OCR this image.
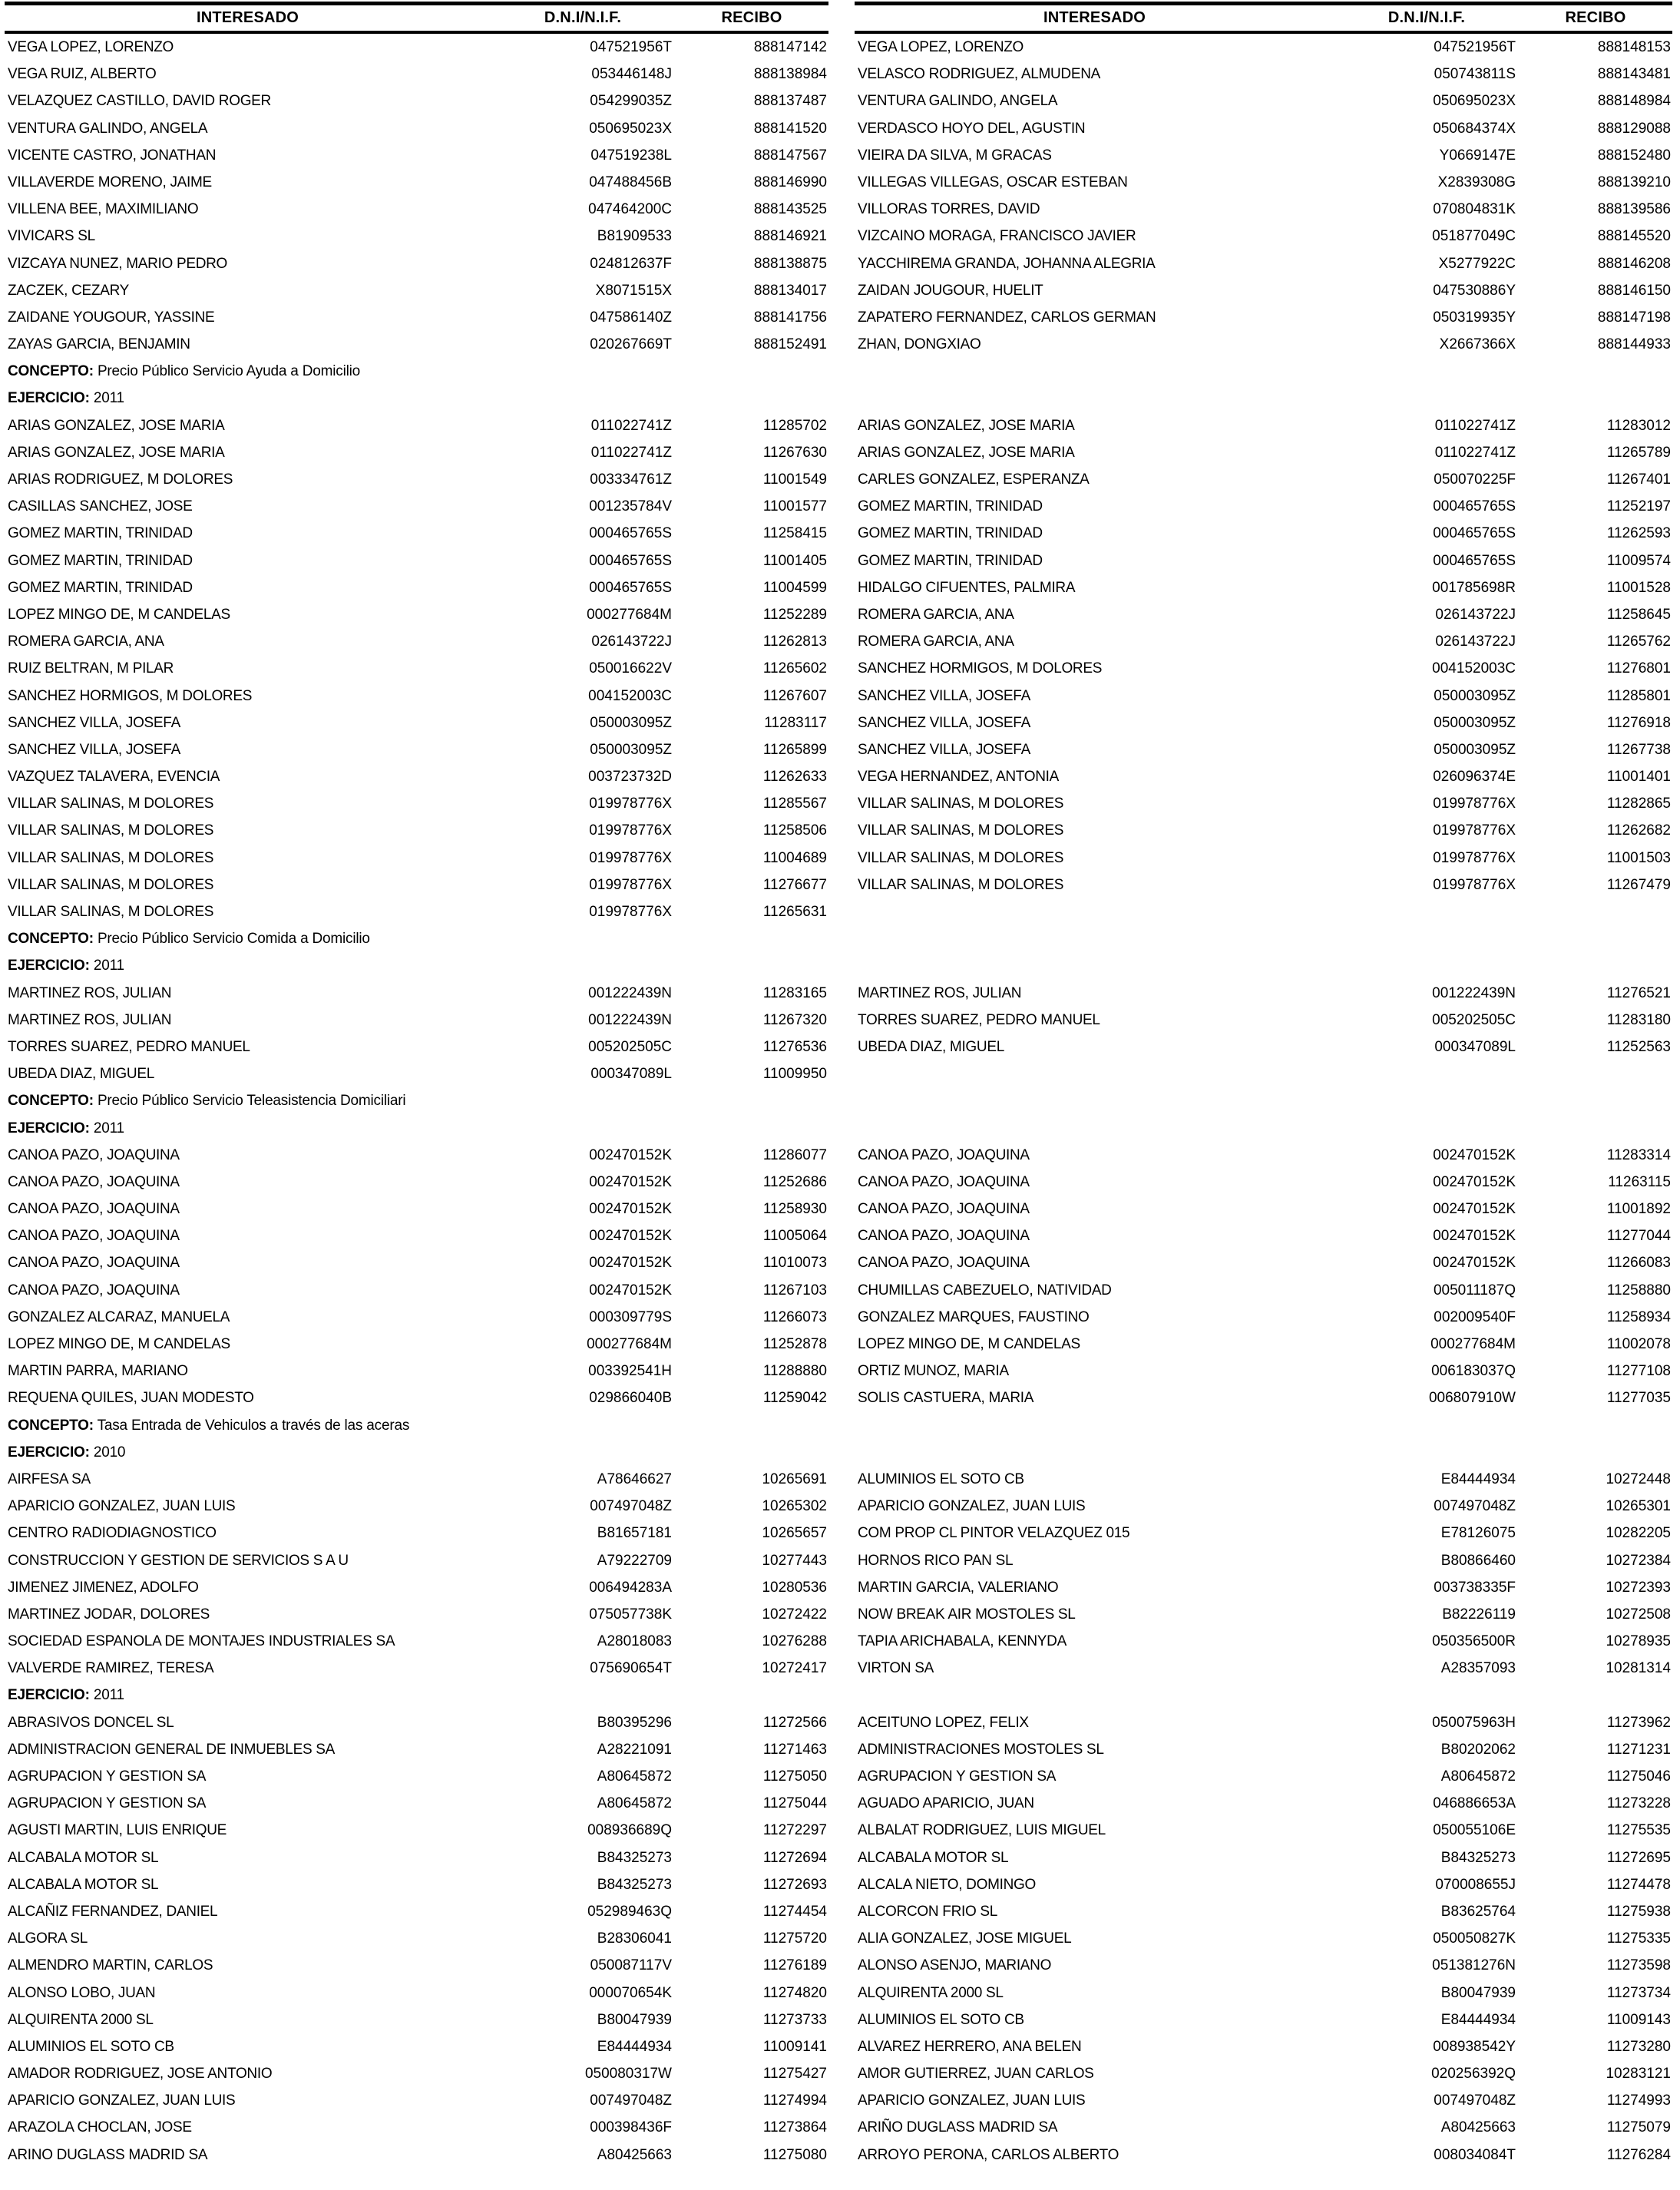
INTERESADO	D.N.I/N.I.F.	RECIBO
VEGA LOPEZ, LORENZO	047521956T	888147142
VEGA RUIZ, ALBERTO	053446148J	888138984
VELAZQUEZ CASTILLO, DAVID ROGER	054299035Z	888137487
VENTURA GALINDO, ANGELA	050695023X	888141520
VICENTE CASTRO, JONATHAN	047519238L	888147567
VILLAVERDE MORENO, JAIME	047488456B	888146990
VILLENA BEE, MAXIMILIANO	047464200C	888143525
VIVICARS SL	B81909533	888146921
VIZCAYA NUNEZ, MARIO PEDRO	024812637F	888138875
ZACZEK, CEZARY	X8071515X	888134017
ZAIDANE YOUGOUR, YASSINE	047586140Z	888141756
ZAYAS GARCIA, BENJAMIN	020267669T	888152491
CONCEPTO: Precio Público Servicio Ayuda a Domicilio
EJERCICIO: 2011
ARIAS GONZALEZ, JOSE MARIA	011022741Z	11285702
ARIAS GONZALEZ, JOSE MARIA	011022741Z	11267630
ARIAS RODRIGUEZ, M DOLORES	003334761Z	11001549
CASILLAS SANCHEZ, JOSE	001235784V	11001577
GOMEZ MARTIN, TRINIDAD	000465765S	11258415
GOMEZ MARTIN, TRINIDAD	000465765S	11001405
GOMEZ MARTIN, TRINIDAD	000465765S	11004599
LOPEZ MINGO DE, M CANDELAS	000277684M	11252289
ROMERA GARCIA, ANA	026143722J	11262813
RUIZ BELTRAN, M PILAR	050016622V	11265602
SANCHEZ HORMIGOS, M DOLORES	004152003C	11267607
SANCHEZ VILLA, JOSEFA	050003095Z	11283117
SANCHEZ VILLA, JOSEFA	050003095Z	11265899
VAZQUEZ TALAVERA, EVENCIA	003723732D	11262633
VILLAR SALINAS, M DOLORES	019978776X	11285567
VILLAR SALINAS, M DOLORES	019978776X	11258506
VILLAR SALINAS, M DOLORES	019978776X	11004689
VILLAR SALINAS, M DOLORES	019978776X	11276677
VILLAR SALINAS, M DOLORES	019978776X	11265631
CONCEPTO: Precio Público Servicio Comida a Domicilio
EJERCICIO: 2011
MARTINEZ ROS, JULIAN	001222439N	11283165
MARTINEZ ROS, JULIAN	001222439N	11267320
TORRES SUAREZ, PEDRO MANUEL	005202505C	11276536
UBEDA DIAZ, MIGUEL	000347089L	11009950
CONCEPTO: Precio Público Servicio Teleasistencia Domiciliari
EJERCICIO: 2011
CANOA PAZO, JOAQUINA	002470152K	11286077
CANOA PAZO, JOAQUINA	002470152K	11252686
CANOA PAZO, JOAQUINA	002470152K	11258930
CANOA PAZO, JOAQUINA	002470152K	11005064
CANOA PAZO, JOAQUINA	002470152K	11010073
CANOA PAZO, JOAQUINA	002470152K	11267103
GONZALEZ ALCARAZ, MANUELA	000309779S	11266073
LOPEZ MINGO DE, M CANDELAS	000277684M	11252878
MARTIN PARRA, MARIANO	003392541H	11288880
REQUENA QUILES, JUAN MODESTO	029866040B	11259042
CONCEPTO: Tasa Entrada de Vehiculos a través de las aceras
EJERCICIO: 2010
AIRFESA SA	A78646627	10265691
APARICIO GONZALEZ, JUAN LUIS	007497048Z	10265302
CENTRO RADIODIAGNOSTICO	B81657181	10265657
CONSTRUCCION Y GESTION DE SERVICIOS S A U	A79222709	10277443
JIMENEZ JIMENEZ, ADOLFO	006494283A	10280536
MARTINEZ JODAR, DOLORES	075057738K	10272422
SOCIEDAD ESPANOLA DE MONTAJES INDUSTRIALES SA	A28018083	10276288
VALVERDE RAMIREZ, TERESA	075690654T	10272417
EJERCICIO: 2011
ABRASIVOS DONCEL SL	B80395296	11272566
ADMINISTRACION GENERAL DE INMUEBLES SA	A28221091	11271463
AGRUPACION Y GESTION SA	A80645872	11275050
AGRUPACION Y GESTION SA	A80645872	11275044
AGUSTI MARTIN, LUIS ENRIQUE	008936689Q	11272297
ALCABALA MOTOR SL	B84325273	11272694
ALCABALA MOTOR SL	B84325273	11272693
ALCAÑIZ FERNANDEZ, DANIEL	052989463Q	11274454
ALGORA SL	B28306041	11275720
ALMENDRO MARTIN, CARLOS	050087117V	11276189
ALONSO LOBO, JUAN	000070654K	11274820
ALQUIRENTA 2000 SL	B80047939	11273733
ALUMINIOS EL SOTO CB	E84444934	11009141
AMADOR RODRIGUEZ, JOSE ANTONIO	050080317W	11275427
APARICIO GONZALEZ, JUAN LUIS	007497048Z	11274994
ARAZOLA CHOCLAN, JOSE	000398436F	11273864
ARINO DUGLASS MADRID SA	A80425663	11275080
INTERESADO	D.N.I/N.I.F.	RECIBO
VEGA LOPEZ, LORENZO	047521956T	888148153
VELASCO RODRIGUEZ, ALMUDENA	050743811S	888143481
VENTURA GALINDO, ANGELA	050695023X	888148984
VERDASCO HOYO DEL, AGUSTIN	050684374X	888129088
VIEIRA DA SILVA, M GRACAS	Y0669147E	888152480
VILLEGAS VILLEGAS, OSCAR ESTEBAN	X2839308G	888139210
VILLORAS TORRES, DAVID	070804831K	888139586
VIZCAINO MORAGA, FRANCISCO JAVIER	051877049C	888145520
YACCHIREMA GRANDA, JOHANNA ALEGRIA	X5277922C	888146208
ZAIDAN JOUGOUR, HUELIT	047530886Y	888146150
ZAPATERO FERNANDEZ, CARLOS GERMAN	050319935Y	888147198
ZHAN, DONGXIAO	X2667366X	888144933
ARIAS GONZALEZ, JOSE MARIA	011022741Z	11283012
ARIAS GONZALEZ, JOSE MARIA	011022741Z	11265789
CARLES GONZALEZ, ESPERANZA	050070225F	11267401
GOMEZ MARTIN, TRINIDAD	000465765S	11252197
GOMEZ MARTIN, TRINIDAD	000465765S	11262593
GOMEZ MARTIN, TRINIDAD	000465765S	11009574
HIDALGO CIFUENTES, PALMIRA	001785698R	11001528
ROMERA GARCIA, ANA	026143722J	11258645
ROMERA GARCIA, ANA	026143722J	11265762
SANCHEZ HORMIGOS, M DOLORES	004152003C	11276801
SANCHEZ VILLA, JOSEFA	050003095Z	11285801
SANCHEZ VILLA, JOSEFA	050003095Z	11276918
SANCHEZ VILLA, JOSEFA	050003095Z	11267738
VEGA HERNANDEZ, ANTONIA	026096374E	11001401
VILLAR SALINAS, M DOLORES	019978776X	11282865
VILLAR SALINAS, M DOLORES	019978776X	11262682
VILLAR SALINAS, M DOLORES	019978776X	11001503
VILLAR SALINAS, M DOLORES	019978776X	11267479
MARTINEZ ROS, JULIAN	001222439N	11276521
TORRES SUAREZ, PEDRO MANUEL	005202505C	11283180
UBEDA DIAZ, MIGUEL	000347089L	11252563
CANOA PAZO, JOAQUINA	002470152K	11283314
CANOA PAZO, JOAQUINA	002470152K	11263115
CANOA PAZO, JOAQUINA	002470152K	11001892
CANOA PAZO, JOAQUINA	002470152K	11277044
CANOA PAZO, JOAQUINA	002470152K	11266083
CHUMILLAS CABEZUELO, NATIVIDAD	005011187Q	11258880
GONZALEZ MARQUES, FAUSTINO	002009540F	11258934
LOPEZ MINGO DE, M CANDELAS	000277684M	11002078
ORTIZ MUNOZ, MARIA	006183037Q	11277108
SOLIS CASTUERA, MARIA	006807910W	11277035
ALUMINIOS EL SOTO CB	E84444934	10272448
APARICIO GONZALEZ, JUAN LUIS	007497048Z	10265301
COM PROP CL PINTOR VELAZQUEZ 015	E78126075	10282205
HORNOS RICO PAN SL	B80866460	10272384
MARTIN GARCIA, VALERIANO	003738335F	10272393
NOW BREAK AIR MOSTOLES SL	B82226119	10272508
TAPIA ARICHABALA, KENNYDA	050356500R	10278935
VIRTON SA	A28357093	10281314
ACEITUNO LOPEZ, FELIX	050075963H	11273962
ADMINISTRACIONES MOSTOLES SL	B80202062	11271231
AGRUPACION Y GESTION SA	A80645872	11275046
AGUADO APARICIO, JUAN	046886653A	11273228
ALBALAT RODRIGUEZ, LUIS MIGUEL	050055106E	11275535
ALCABALA MOTOR SL	B84325273	11272695
ALCALA NIETO, DOMINGO	070008655J	11274478
ALCORCON FRIO SL	B83625764	11275938
ALIA GONZALEZ, JOSE MIGUEL	050050827K	11275335
ALONSO ASENJO, MARIANO	051381276N	11273598
ALQUIRENTA 2000 SL	B80047939	11273734
ALUMINIOS EL SOTO CB	E84444934	11009143
ALVAREZ HERRERO, ANA BELEN	008938542Y	11273280
AMOR GUTIERREZ, JUAN CARLOS	020256392Q	10283121
APARICIO GONZALEZ, JUAN LUIS	007497048Z	11274993
ARIÑO DUGLASS MADRID SA	A80425663	11275079
ARROYO PERONA, CARLOS ALBERTO	008034084T	11276284
